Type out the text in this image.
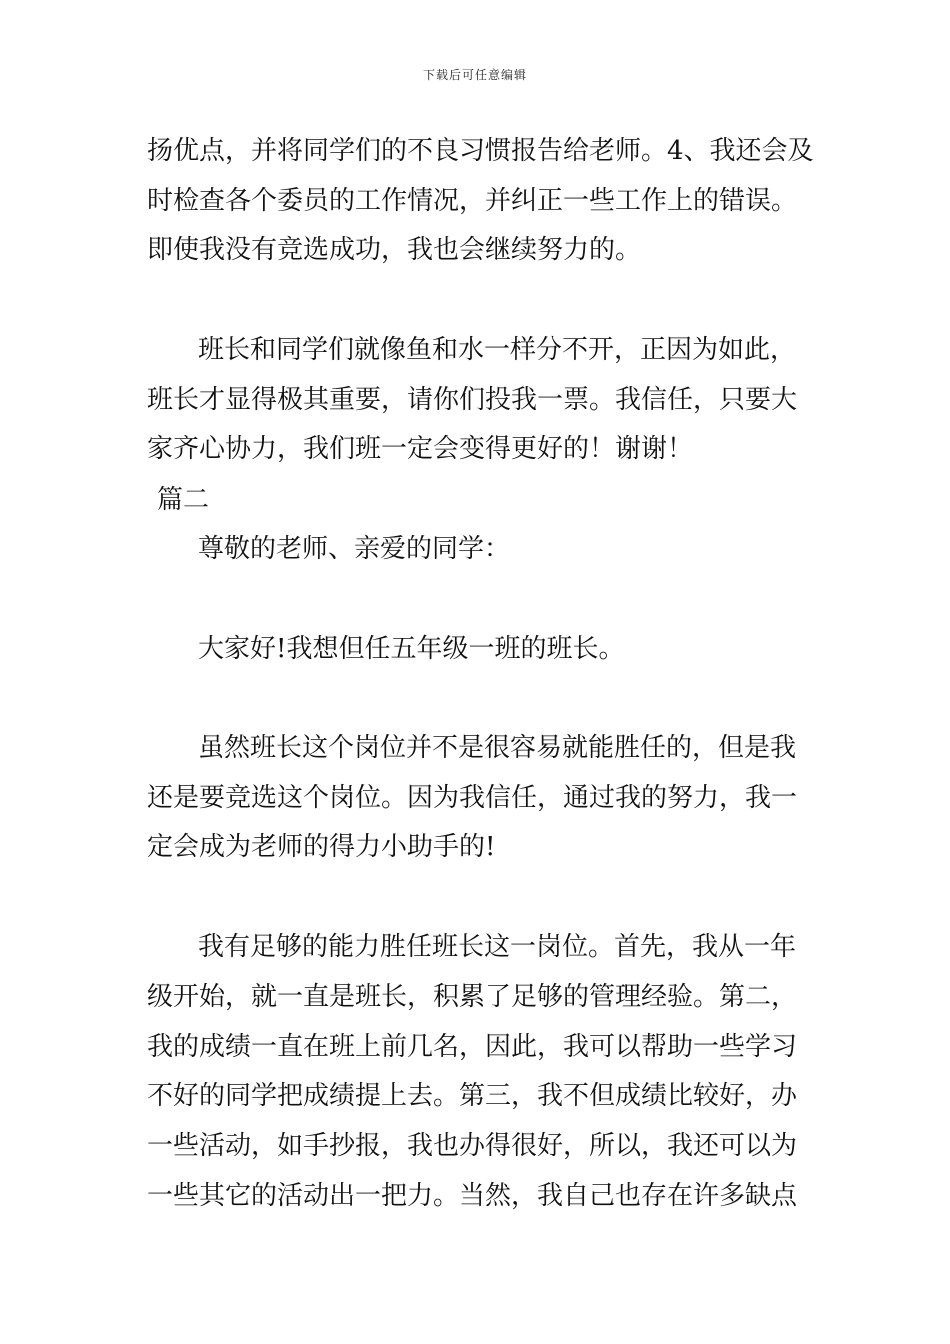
下载后可任意编辑
扬优点，并将同学们的不良习惯报告给老师。4、我还会及
时检查各个委员的工作情况，并纠正一些工作上的错误。
即使我没有竞选成功，我也会继续努力的。
班长和同学们就像鱼和水一样分不开，正因为如此，
班长才显得极其重要，请你们投我一票。我信任，只要大
家齐心协力，我们班一定会变得更好的！谢谢！
篇二
尊敬的老师、亲爱的同学：
大家好!我想但任五年级一班的班长。
虽然班长这个岗位并不是很容易就能胜任的，但是我
还是要竞选这个岗位。因为我信任，通过我的努力，我一
定会成为老师的得力小助手的!
我有足够的能力胜任班长这一岗位。首先，我从一年
级开始，就一直是班长，积累了足够的管理经验。第二，
我的成绩一直在班上前几名，因此，我可以帮助一些学习
不好的同学把成绩提上去。第三，我不但成绩比较好，办
一些活动，如手抄报，我也办得很好，所以，我还可以为
一些其它的活动出一把力。当然，我自己也存在许多缺点
